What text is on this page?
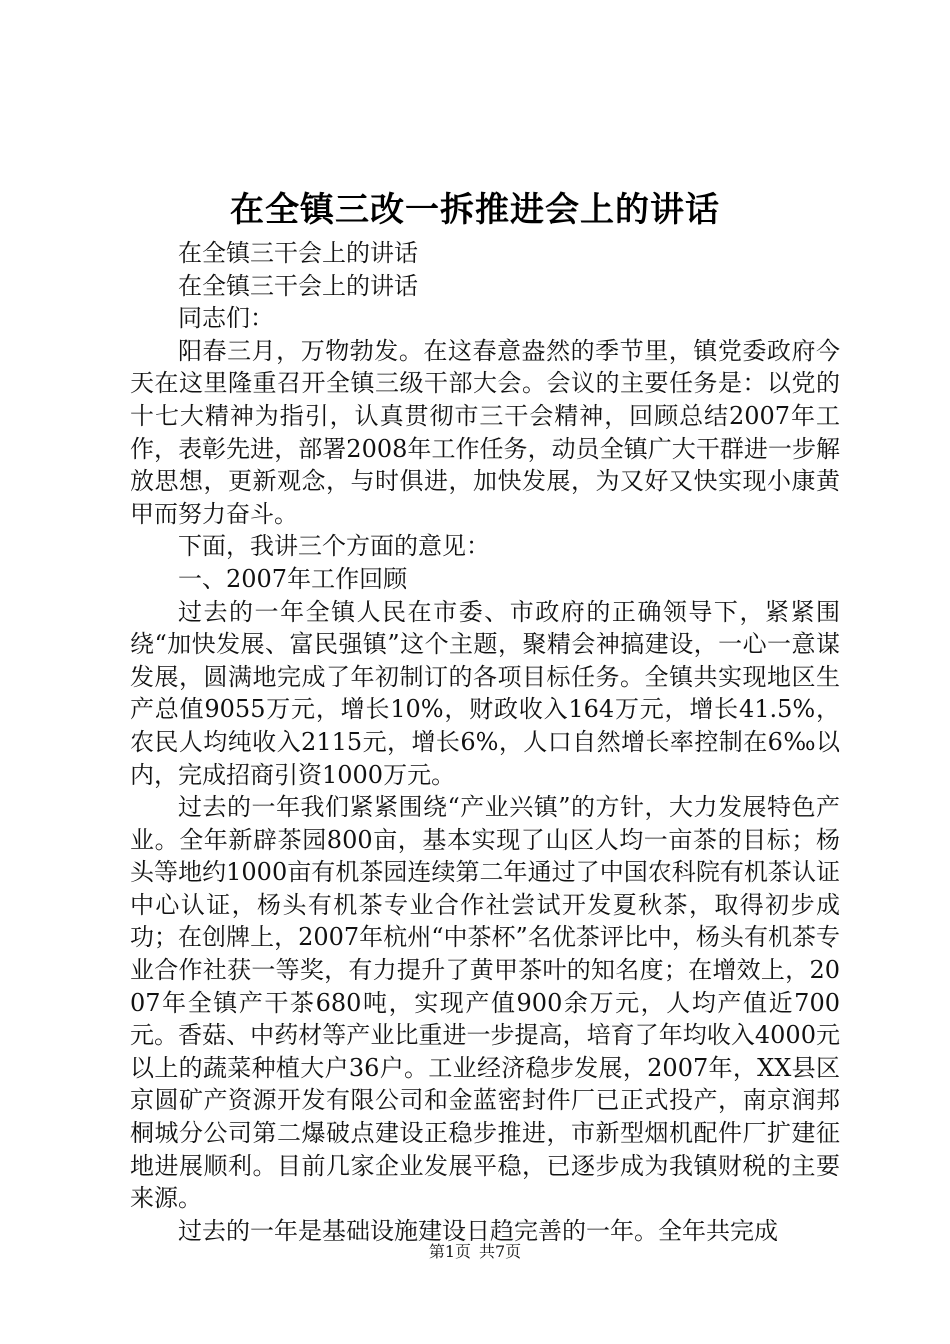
在全镇三改一拆推进会上的讲话

在全镇三干会上的讲话

在全镇三干会上的讲话

同志们：

阳春三月，万物勃发。在这春意盎然的季节里，镇党委政府今天在这里隆重召开全镇三级干部大会。会议的主要任务是：以党的十七大精神为指引，认真贯彻市三干会精神，回顾总结2007年工作，表彰先进，部署2008年工作任务，动员全镇广大干群进一步解放思想，更新观念，与时俱进，加快发展，为又好又快实现小康黄甲而努力奋斗。

下面，我讲三个方面的意见：

一、2007年工作回顾

过去的一年全镇人民在市委、市政府的正确领导下，紧紧围绕“加快发展、富民强镇”这个主题，聚精会神搞建设，一心一意谋发展，圆满地完成了年初制订的各项目标任务。全镇共实现地区生产总值9055万元，增长10%，财政收入164万元，增长41.5%，农民人均纯收入2115元，增长6%，人口自然增长率控制在6‰以内，完成招商引资1000万元。

过去的一年我们紧紧围绕“产业兴镇”的方针，大力发展特色产业。全年新辟茶园800亩，基本实现了山区人均一亩茶的目标；杨头等地约1000亩有机茶园连续第二年通过了中国农科院有机茶认证中心认证，杨头有机茶专业合作社尝试开发夏秋茶，取得初步成功；在创牌上，2007年杭州“中茶杯”名优茶评比中，杨头有机茶专业合作社获一等奖，有力提升了黄甲茶叶的知名度；在增效上，2007年全镇产干茶680吨，实现产值900余万元，人均产值近700元。香菇、中药材等产业比重进一步提高，培育了年均收入4000元以上的蔬菜种植大户36户。工业经济稳步发展，2007年，XX县区京圆矿产资源开发有限公司和金蓝密封件厂已正式投产，南京润邦桐城分公司第二爆破点建设正稳步推进，市新型烟机配件厂扩建征地进展顺利。目前几家企业发展平稳，已逐步成为我镇财税的主要来源。

过去的一年是基础设施建设日趋完善的一年。全年共完成

第1页 共7页
